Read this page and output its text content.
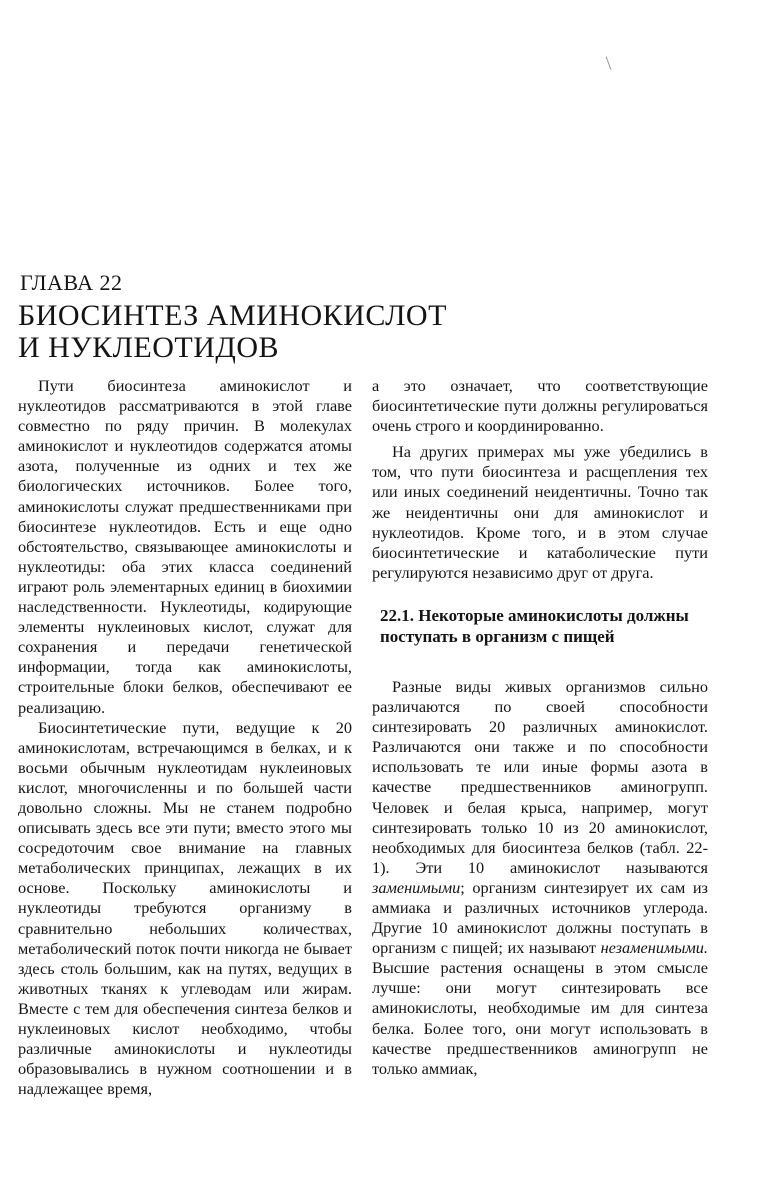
ГЛАВА 22
БИОСИНТЕЗ АМИНОКИСЛОТ
И НУКЛЕОТИДОВ

Пути биосинтеза аминокислот и нуклеотидов рассматриваются в этой главе совместно по ряду причин. В молекулах аминокислот и нуклеотидов содержатся атомы азота, полученные из одних и тех же биологических источников. Более того, аминокислоты служат предшественниками при биосинтезе нуклеотидов. Есть и еще одно обстоятельство, связывающее аминокислоты и нуклеотиды: оба этих класса соединений играют роль элементарных единиц в биохимии наследственности. Нуклеотиды, кодирующие элементы нуклеиновых кислот, служат для сохранения и передачи генетической информации, тогда как аминокислоты, строительные блоки белков, обеспечивают ее реализацию.

Биосинтетические пути, ведущие к 20 аминокислотам, встречающимся в белках, и к восьми обычным нуклеотидам нуклеиновых кислот, многочисленны и по большей части довольно сложны. Мы не станем подробно описывать здесь все эти пути; вместо этого мы сосредоточим свое внимание на главных метаболических принципах, лежащих в их основе. Поскольку аминокислоты и нуклеотиды требуются организму в сравнительно небольших количествах, метаболический поток почти никогда не бывает здесь столь большим, как на путях, ведущих в животных тканях к углеводам или жирам. Вместе с тем для обеспечения синтеза белков и нуклеиновых кислот необходимо, чтобы различные аминокислоты и нуклеотиды образовывались в нужном соотношении и в надлежащее время,

а это означает, что соответствующие биосинтетические пути должны регулироваться очень строго и координированно.

На других примерах мы уже убедились в том, что пути биосинтеза и расщепления тех или иных соединений неидентичны. Точно так же неидентичны они для аминокислот и нуклеотидов. Кроме того, и в этом случае биосинтетические и катаболические пути регулируются независимо друг от друга.

22.1. Некоторые аминокислоты должны поступать в организм с пищей

Разные виды живых организмов сильно различаются по своей способности синтезировать 20 различных аминокислот. Различаются они также и по способности использовать те или иные формы азота в качестве предшественников аминогрупп. Человек и белая крыса, например, могут синтезировать только 10 из 20 аминокислот, необходимых для биосинтеза белков (табл. 22-1). Эти 10 аминокислот называются заменимыми; организм синтезирует их сам из аммиака и различных источников углерода. Другие 10 аминокислот должны поступать в организм с пищей; их называют незаменимыми. Высшие растения оснащены в этом смысле лучше: они могут синтезировать все аминокислоты, необходимые им для синтеза белка. Более того, они могут использовать в качестве предшественников аминогрупп не только аммиак,
